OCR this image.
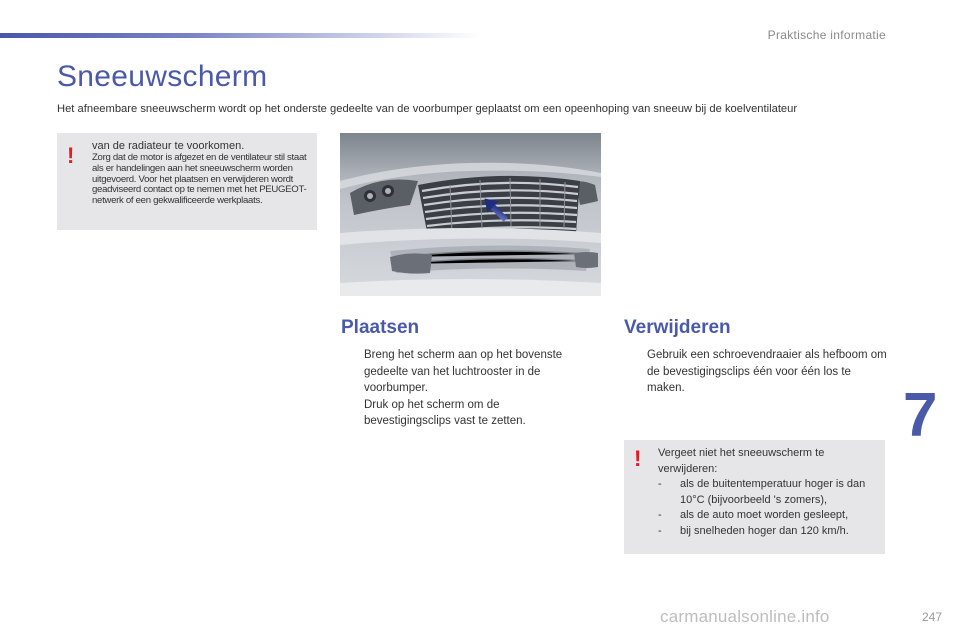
Praktische informatie
Sneeuwscherm
Het afneembare sneeuwscherm wordt op het onderste gedeelte van de voorbumper geplaatst om een opeenhoping van sneeuw bij de koelventilateur
! van de radiateur te voorkomen.
Zorg dat de motor is afgezet en de ventilateur stil staat als er handelingen aan het sneeuwscherm worden uitgevoerd. Voor het plaatsen en verwijderen wordt geadviseerd contact op te nemen met het PEUGEOT-netwerk of een gekwalificeerde werkplaats.
Plaatsen
Breng het scherm aan op het bovenste gedeelte van het luchtrooster in de voorbumper.
Druk op het scherm om de bevestigingsclips vast te zetten.
Verwijderen
Gebruik een schroevendraaier als hefboom om de bevestigingsclips één voor één los te maken.
! Vergeet niet het sneeuwscherm te verwijderen:
- als de buitentemperatuur hoger is dan 10°C (bijvoorbeeld 's zomers),
- als de auto moet worden gesleept,
- bij snelheden hoger dan 120 km/h.
7
247
carmanualsonline.info
